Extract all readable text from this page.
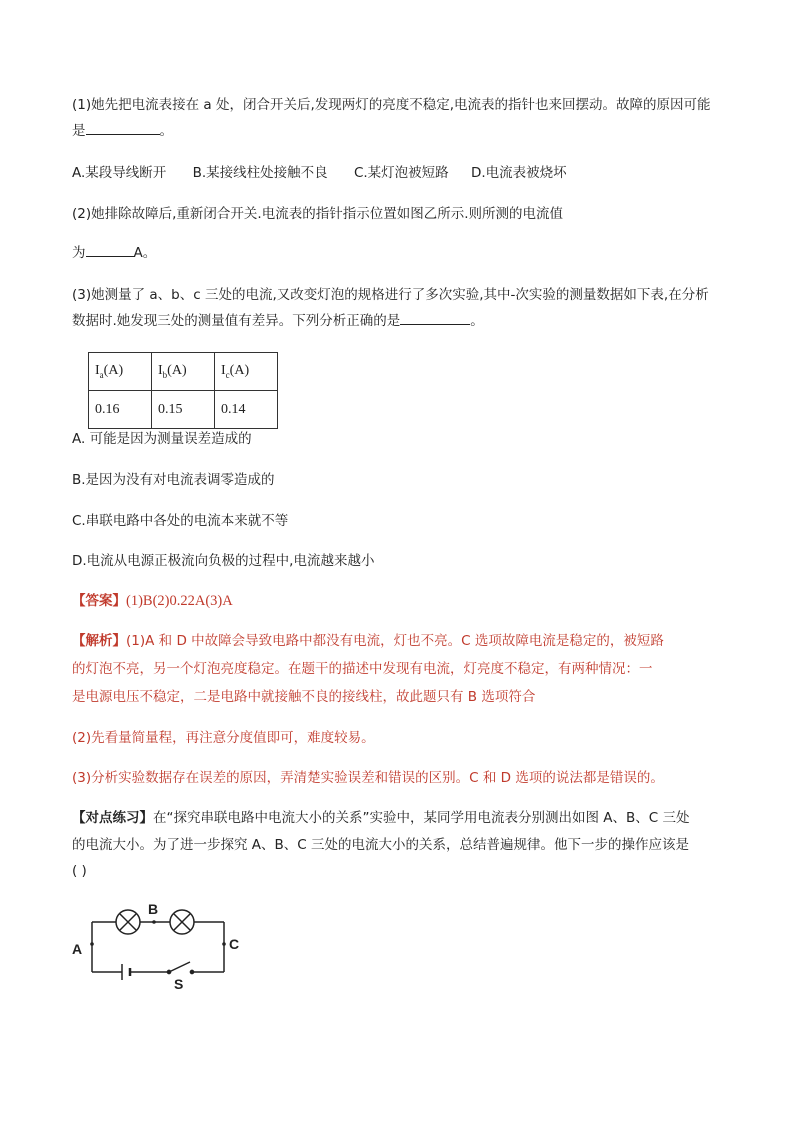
(1)她先把电流表接在 a 处，闭合开关后,发现两灯的亮度不稳定,电流表的指针也来回摆动。故障的原因可能
是	。
A.某段导线断开 B.某接线柱处接触不良 C.某灯泡被短路 D.电流表被烧坏
(2)她排除故障后,重新闭合开关.电流表的指针指示位置如图乙所示.则所测的电流值
为	A。
(3)她测量了 a、b、c 三处的电流,又改变灯泡的规格进行了多次实验,其中-次实验的测量数据如下表,在分析
数据时.她发现三处的测量值有差异。下列分析正确的是	。
$I_a(A)$	$I_b(A)$	$I_c(A)$
0.16	0.15	0.14
A. 可能是因为测量误差造成的
B.是因为没有对电流表调零造成的
C.串联电路中各处的电流本来就不等
D.电流从电源正极流向负极的过程中,电流越来越小
【答案】(1)B(2)0.22A(3)A
【解析】(1)A 和 D 中故障会导致电路中都没有电流，灯也不亮。C 选项故障电流是稳定的，被短路
的灯泡不亮，另一个灯泡亮度稳定。在题干的描述中发现有电流，灯亮度不稳定，有两种情况：一
是电源电压不稳定，二是电路中就接触不良的接线柱，故此题只有 B 选项符合
(2)先看量简量程，再注意分度值即可，难度较易。
(3)分析实验数据存在误差的原因，弄清楚实验误差和错误的区别。C 和 D 选项的说法都是错误的。
【对点练习】在“探究串联电路中电流大小的关系”实验中，某同学用电流表分别测出如图 A、B、C 三处
的电流大小。为了进一步探究 A、B、C 三处的电流大小的关系，总结普遍规律。他下一步的操作应该是
( )
A
B
C
S
